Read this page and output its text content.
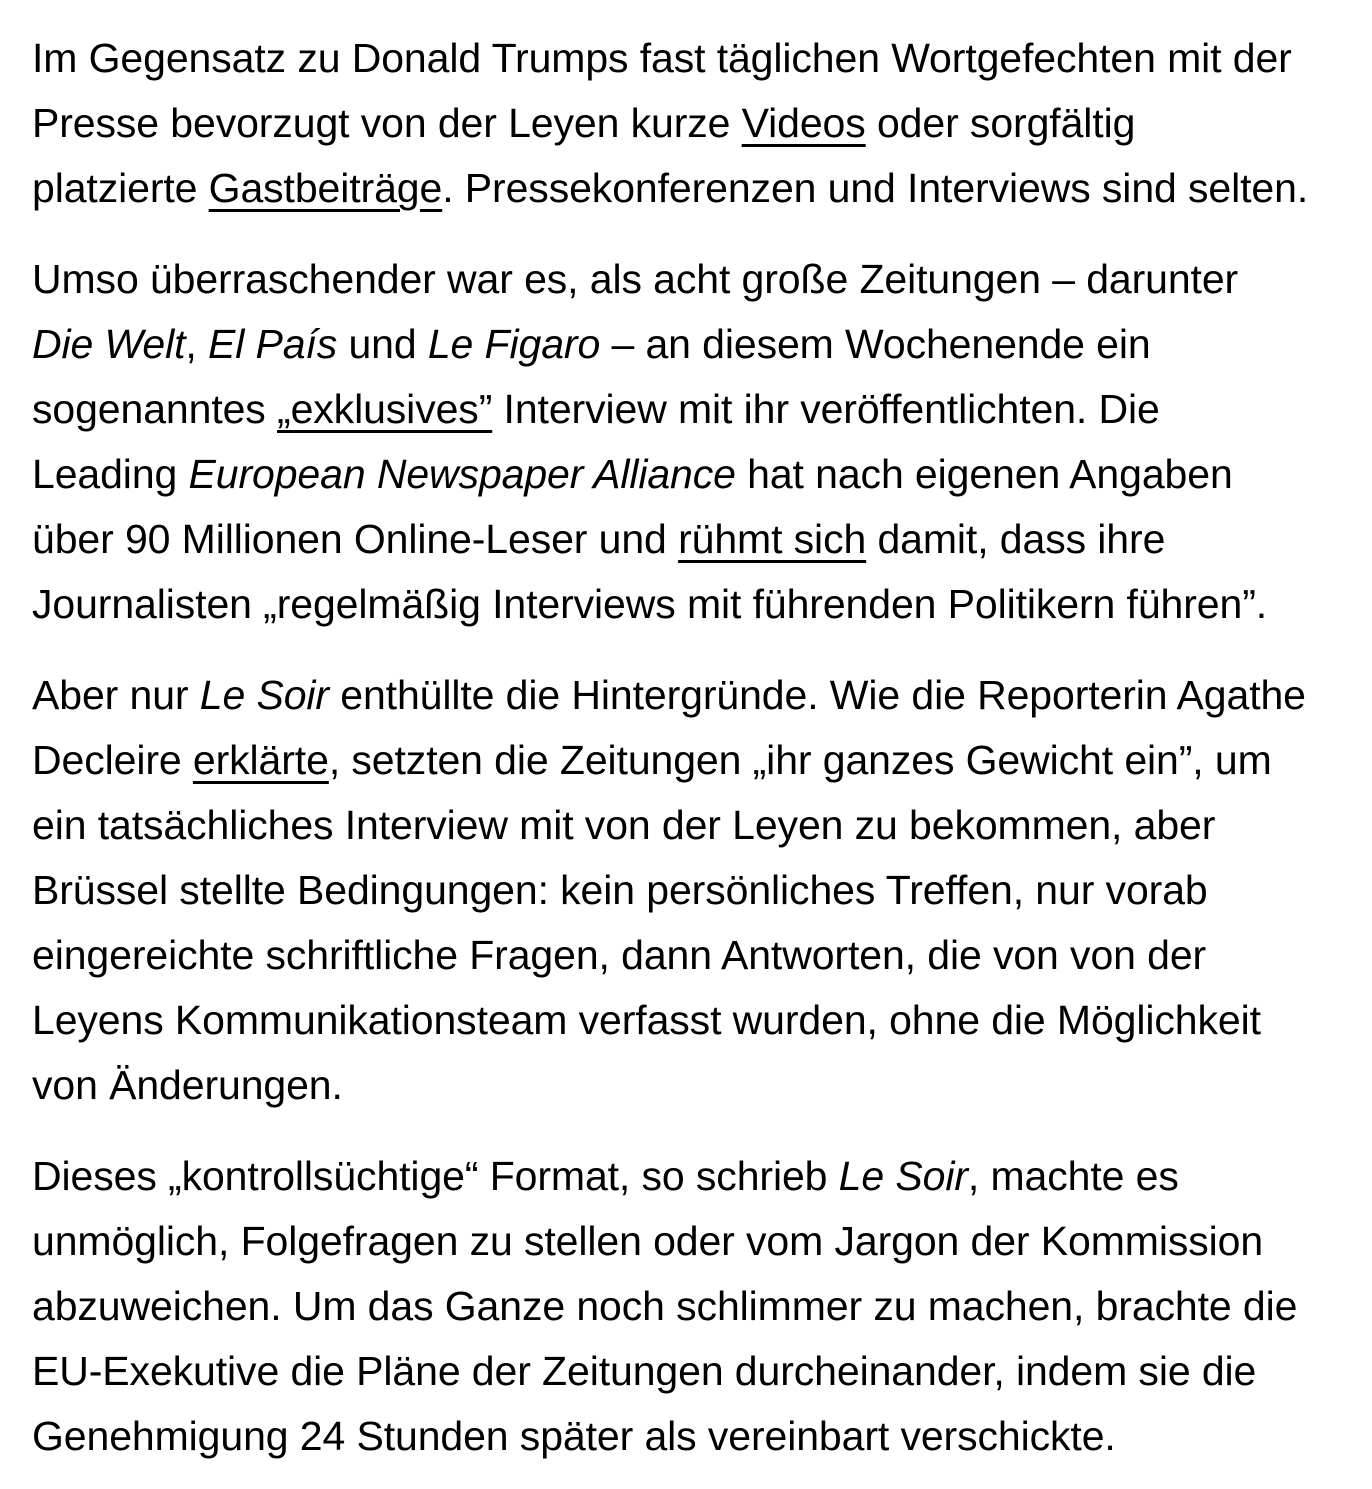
Im Gegensatz zu Donald Trumps fast täglichen Wortgefechten mit der Presse bevorzugt von der Leyen kurze Videos oder sorgfältig platzierte Gastbeiträge. Pressekonferenzen und Interviews sind selten.

Umso überraschender war es, als acht große Zeitungen – darunter Die Welt, El País und Le Figaro – an diesem Wochenende ein sogenanntes „exklusives” Interview mit ihr veröffentlichten. Die Leading European Newspaper Alliance hat nach eigenen Angaben über 90 Millionen Online-Leser und rühmt sich damit, dass ihre Journalisten „regelmäßig Interviews mit führenden Politikern führen”.

Aber nur Le Soir enthüllte die Hintergründe. Wie die Reporterin Agathe Decleire erklärte, setzten die Zeitungen „ihr ganzes Gewicht ein”, um ein tatsächliches Interview mit von der Leyen zu bekommen, aber Brüssel stellte Bedingungen: kein persönliches Treffen, nur vorab eingereichte schriftliche Fragen, dann Antworten, die von von der Leyens Kommunikationsteam verfasst wurden, ohne die Möglichkeit von Änderungen.

Dieses „kontrollsüchtige“ Format, so schrieb Le Soir, machte es unmöglich, Folgefragen zu stellen oder vom Jargon der Kommission abzuweichen. Um das Ganze noch schlimmer zu machen, brachte die EU-Exekutive die Pläne der Zeitungen durcheinander, indem sie die Genehmigung 24 Stunden später als vereinbart verschickte.
